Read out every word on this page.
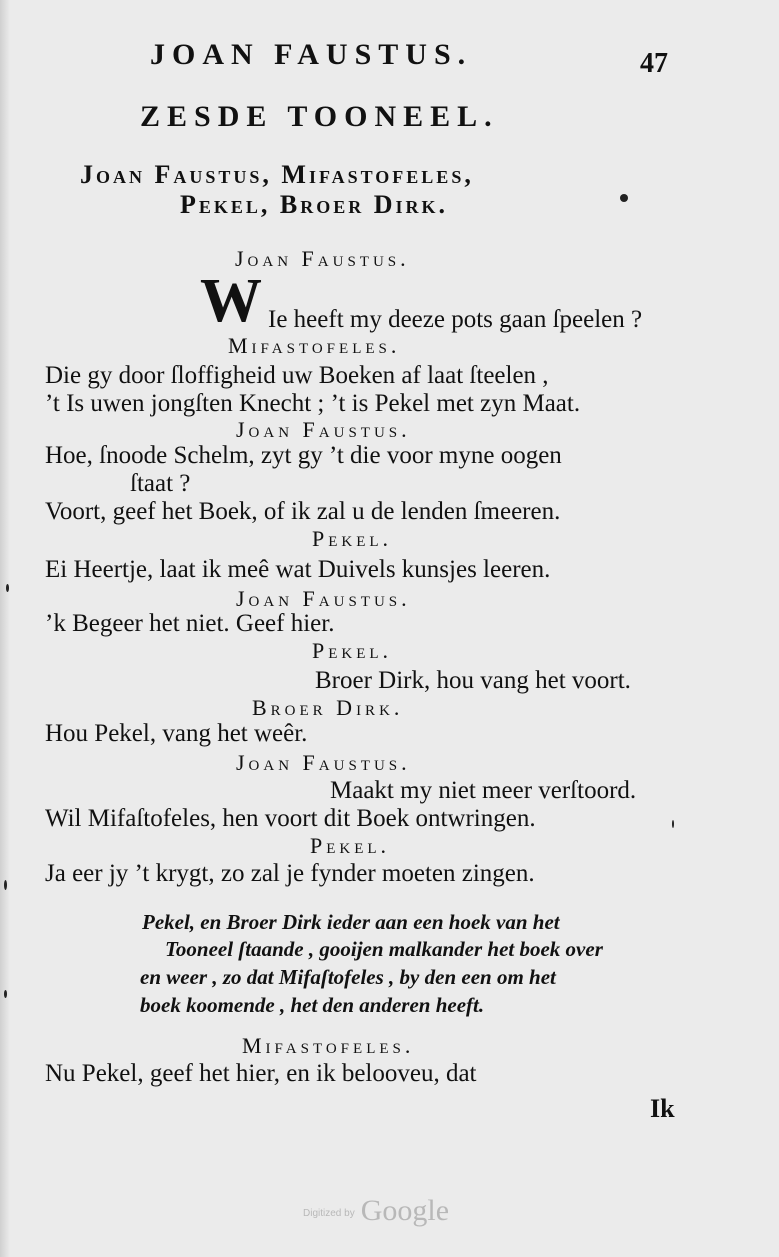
JOAN FAUSTUS.	47
ZESDE TOONEEL.
Joan Faustus, Mifastofeles,
Pekel, Broer Dirk.
Joan Faustus.
W Ie heeft my deeze pots gaan ſpeelen ?
Mifastofeles.
Die gy door ſloffigheid uw Boeken af laat ſteelen ,
’t Is uwen jongſten Knecht ; ’t is Pekel met zyn Maat.
Joan Faustus.
Hoe, ſnoode Schelm, zyt gy ’t die voor myne oogen
ſtaat ?
Voort, geef het Boek, of ik zal u de lenden ſmeeren.
Pekel.
Ei Heertje, laat ik meê wat Duivels kunsjes leeren.
Joan Faustus.
’k Begeer het niet. Geef hier.
Pekel.
Broer Dirk, hou vang het voort.
Broer Dirk.
Hou Pekel, vang het weêr.
Joan Faustus.
Maakt my niet meer verſtoord.
Wil Mifaſtofeles, hen voort dit Boek ontwringen.
Pekel.
Ja eer jy ’t krygt, zo zal je fynder moeten zingen.
Pekel, en Broer Dirk ieder aan een hoek van het
Tooneel ſtaande , gooijen malkander het boek over
en weer , zo dat Mifaſtofeles , by den een om het
boek koomende , het den anderen heeft.
Mifastofeles.
Nu Pekel, geef het hier, en ik belooveu, dat
Ik
$^{Digitized by}$ Google
